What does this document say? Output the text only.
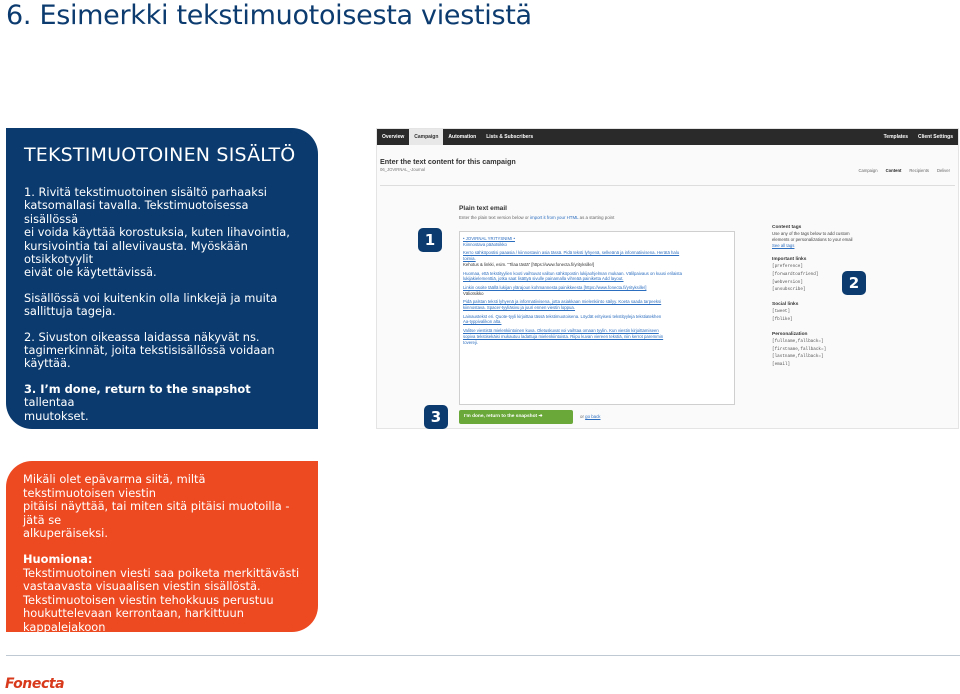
6. Esimerkki tekstimuotoisesta viestistä
TEKSTIMUOTOINEN SISÄLTÖ
1. Rivitä tekstimuotoinen sisältö parhaaksi
katsomallasi tavalla. Tekstimuotoisessa sisällössä
ei voida käyttää korostuksia, kuten lihavointia,
kursivointia tai alleviivausta. Myöskään otsikkotyylit
eivät ole käytettävissä.
Sisällössä voi kuitenkin olla linkkejä ja muita
sallittuja tageja.
2. Sivuston oikeassa laidassa näkyvät ns.
tagimerkinnät, joita tekstisisällössä voidaan käyttää.
3. I’m done, return to the snapshot tallentaa
muutokset.
Overview	Campaign	Automation	Lists & Subscribers	Templates	Client Settings
Enter the text content for this campaign
06_JOVIRNAL_-Journal	Campaign Content Recipients Deliver
Plain text email
Enter the plain text version below or import it from your HTML as a starting point
• JOVIRNAL YRITYSNIMI •
Kiinnostava pääotsikko
Kerro sähköpostisi paaasia / kiinnostavin asia tässä. Pidä teksti lyhyenä, selkeänä ja informatiivisena. Herätä halu
toimia.
Kehotus & linkki, esim. "Tilaa tästä" [https://www.fonecta.fi/yrityksille/]
Huomaa, että tekstityylien kooti vaihtuvat valitun sähköpostin lukijaohjelman mukaan. Välilpaivaus on kuusi erilaista
lukijakielementtiä, jotka saat lisättyä sivulle painamalla vihreää painiketta Add layout.
Linkin osoite täällä lukijan ylärajoun kohmannesta painikkeesta [https://www.fonecta.fi/yrityksille/]
Väliotsikko
Pidä palstan teksti lyhyenä ja informatiivisena, jotta asiakkaan mielenkiinto säilyy. Koeta saada tarpeeksi
kiinnostava. Spacer-tyyliäsivu ja juuri ennen viestin loppua.
Lainaustekst eri. Quote-tyyli kirjoittaa tässä tekstimuotoisena. Löydät erityisesi tekstityyleja tekstiatekhen
Aa-typpivalikon alta.
Valitse viestistä mielenkiintoinen kuva. Oletuskuvat voi vaihtaa omaan tyylin. Kun viestin kirjoittamiseen
sopiva tekstisekäisi mukautuu ladattuja mielenkiintoista. Riipu kuvan viereen tekstiä, niin kerrot paremmin
tovereji.
Content tags
Use any of the tags below to add custom
elements or personalizations to your email
See all tags
Important links
[preference]
[forwardtoafriend]
[webversion]
[unsubscribe]
Social links
[tweet]
[fblike]
Personalization
[fullname,fallback=]
[firstname,fallback=]
[lastname,fallback=]
[email]
I'm done, return to the snapshot ➜	or go back
1
2
3
Mikäli olet epävarma siitä, miltä tekstimuotoisen viestin
pitäisi näyttää, tai miten sitä pitäisi muotoilla - jätä se
alkuperäiseksi.
Huomiona:
Tekstimuotoinen viesti saa poiketa merkittävästi
vastaavasta visuaalisen viestin sisällöstä.
Tekstimuotoisen viestin tehokkuus perustuu
houkuttelevaan kerrontaan, harkittuun kappalejakoon
ja sopivan mittaiseen sisältöön.
Fonecta
